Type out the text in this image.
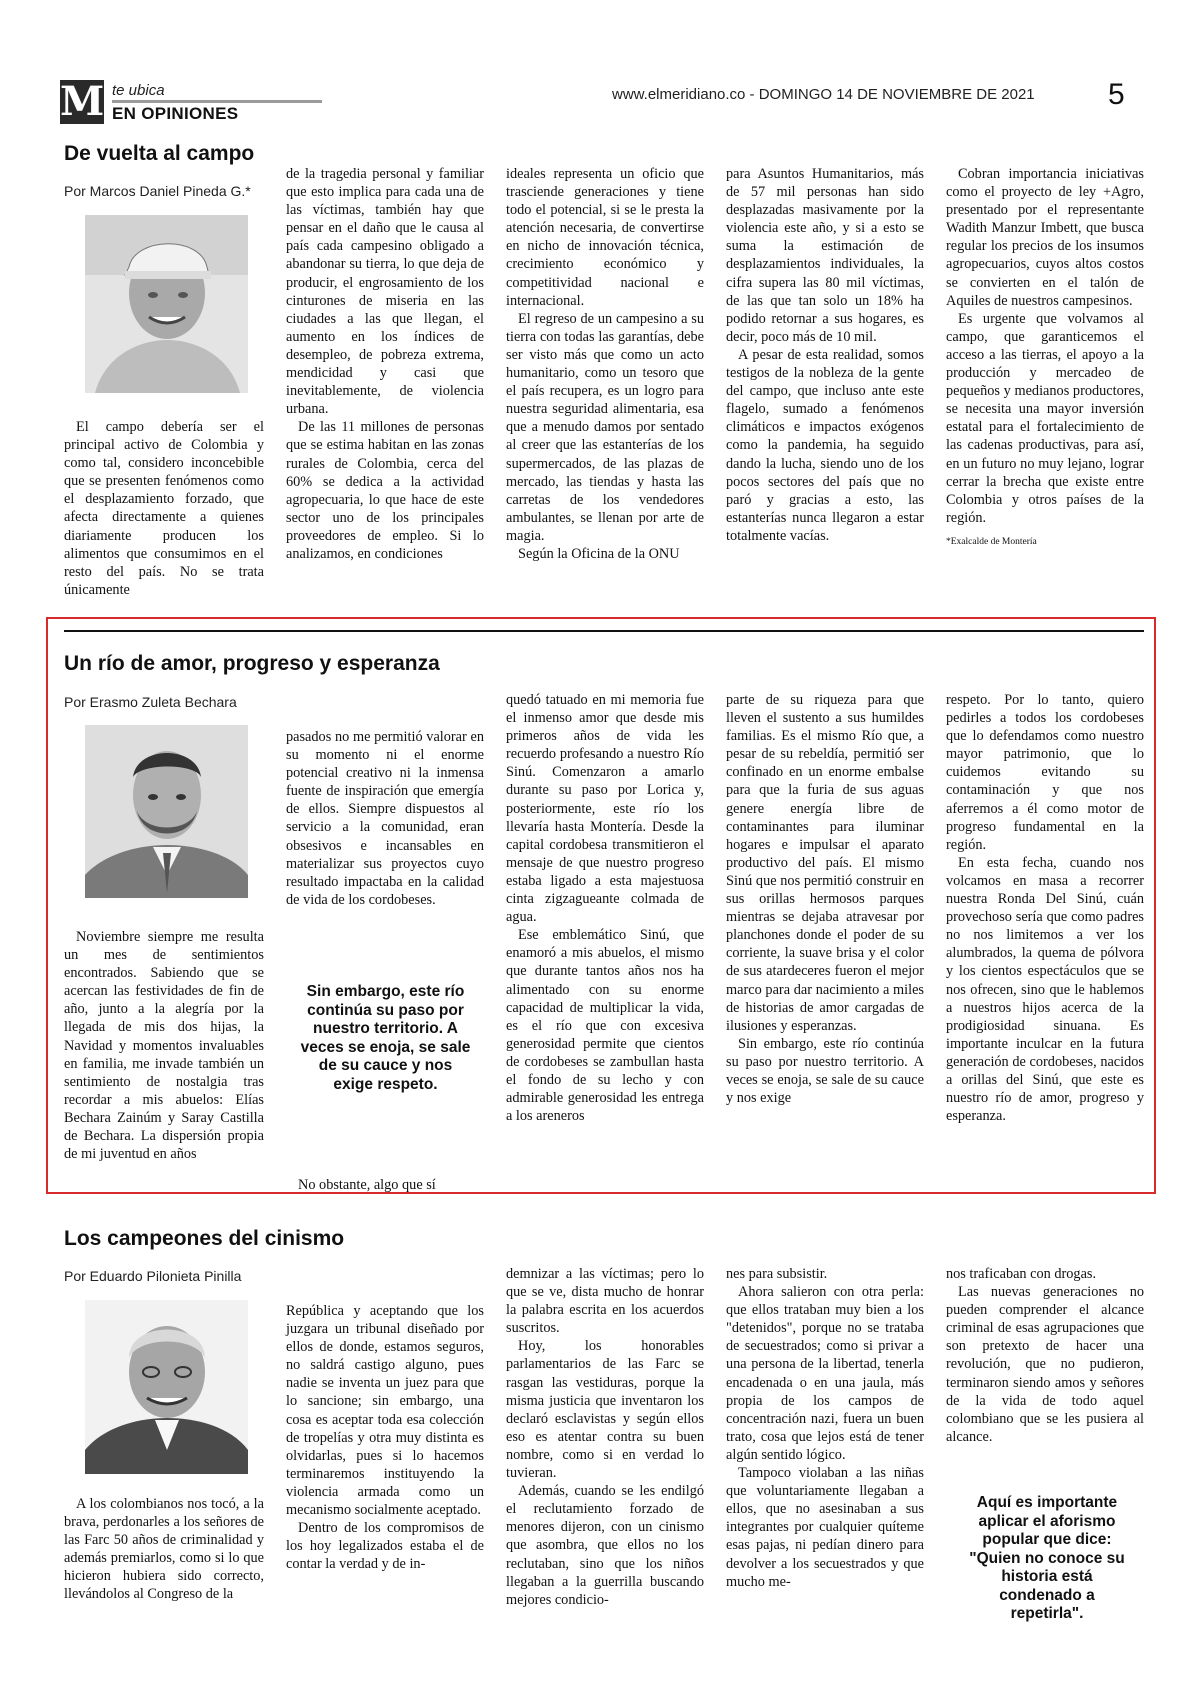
M te ubica
EN OPINIONES
www.elmeridiano.co - DOMINGO 14 DE NOVIEMBRE DE 2021 5
De vuelta al campo
Por Marcos Daniel Pineda G.*

El campo debería ser el principal activo de Colombia y como tal, considero inconcebible que se presenten fenómenos como el desplazamiento forzado, que afecta directamente a quienes diariamente producen los alimentos que consumimos en el resto del país. No se trata únicamente

de la tragedia personal y familiar que esto implica para cada una de las víctimas, también hay que pensar en el daño que le causa al país cada campesino obligado a abandonar su tierra, lo que deja de producir, el engrosamiento de los cinturones de miseria en las ciudades a las que llegan, el aumento en los índices de desempleo, de pobreza extrema, mendicidad y casi que inevitablemente, de violencia urbana.

De las 11 millones de personas que se estima habitan en las zonas rurales de Colombia, cerca del 60% se dedica a la actividad agropecuaria, lo que hace de este sector uno de los principales proveedores de empleo. Si lo analizamos, en condiciones

ideales representa un oficio que trasciende generaciones y tiene todo el potencial, si se le presta la atención necesaria, de convertirse en nicho de innovación técnica, crecimiento económico y competitividad nacional e internacional.

El regreso de un campesino a su tierra con todas las garantías, debe ser visto más que como un acto humanitario, como un tesoro que el país recupera, es un logro para nuestra seguridad alimentaria, esa que a menudo damos por sentado al creer que las estanterías de los supermercados, de las plazas de mercado, las tiendas y hasta las carretas de los vendedores ambulantes, se llenan por arte de magia.

Según la Oficina de la ONU

para Asuntos Humanitarios, más de 57 mil personas han sido desplazadas masivamente por la violencia este año, y si a esto se suma la estimación de desplazamientos individuales, la cifra supera las 80 mil víctimas, de las que tan solo un 18% ha podido retornar a sus hogares, es decir, poco más de 10 mil.

A pesar de esta realidad, somos testigos de la nobleza de la gente del campo, que incluso ante este flagelo, sumado a fenómenos climáticos e impactos exógenos como la pandemia, ha seguido dando la lucha, siendo uno de los pocos sectores del país que no paró y gracias a esto, las estanterías nunca llegaron a estar totalmente vacías.

Cobran importancia iniciativas como el proyecto de ley +Agro, presentado por el representante Wadith Manzur Imbett, que busca regular los precios de los insumos agropecuarios, cuyos altos costos se convierten en el talón de Aquiles de nuestros campesinos.

Es urgente que volvamos al campo, que garanticemos el acceso a las tierras, el apoyo a la producción y mercadeo de pequeños y medianos productores, se necesita una mayor inversión estatal para el fortalecimiento de las cadenas productivas, para así, en un futuro no muy lejano, lograr cerrar la brecha que existe entre Colombia y otros países de la región.

*Exalcalde de Montería

Un río de amor, progreso y esperanza
Por Erasmo Zuleta Bechara

Noviembre siempre me resulta un mes de sentimientos encontrados. Sabiendo que se acercan las festividades de fin de año, junto a la alegría por la llegada de mis dos hijas, la Navidad y momentos invaluables en familia, me invade también un sentimiento de nostalgia tras recordar a mis abuelos: Elías Bechara Zainúm y Saray Castilla de Bechara. La dispersión propia de mi juventud en años

pasados no me permitió valorar en su momento ni el enorme potencial creativo ni la inmensa fuente de inspiración que emergía de ellos. Siempre dispuestos al servicio a la comunidad, eran obsesivos e incansables en materializar sus proyectos cuyo resultado impactaba en la calidad de vida de los cordobeses.

Sin embargo, este río continúa su paso por nuestro territorio. A veces se enoja, se sale de su cauce y nos exige respeto.

No obstante, algo que sí

quedó tatuado en mi memoria fue el inmenso amor que desde mis primeros años de vida les recuerdo profesando a nuestro Río Sinú. Comenzaron a amarlo durante su paso por Lorica y, posteriormente, este río los llevaría hasta Montería. Desde la capital cordobesa transmitieron el mensaje de que nuestro progreso estaba ligado a esta majestuosa cinta zigzagueante colmada de agua.

Ese emblemático Sinú, que enamoró a mis abuelos, el mismo que durante tantos años nos ha alimentado con su enorme capacidad de multiplicar la vida, es el río que con excesiva generosidad permite que cientos de cordobeses se zambullan hasta el fondo de su lecho y con admirable generosidad les entrega a los areneros

parte de su riqueza para que lleven el sustento a sus humildes familias. Es el mismo Río que, a pesar de su rebeldía, permitió ser confinado en un enorme embalse para que la furia de sus aguas genere energía libre de contaminantes para iluminar hogares e impulsar el aparato productivo del país. El mismo Sinú que nos permitió construir en sus orillas hermosos parques mientras se dejaba atravesar por planchones donde el poder de su corriente, la suave brisa y el color de sus atardeceres fueron el mejor marco para dar nacimiento a miles de historias de amor cargadas de ilusiones y esperanzas.

Sin embargo, este río continúa su paso por nuestro territorio. A veces se enoja, se sale de su cauce y nos exige

respeto. Por lo tanto, quiero pedirles a todos los cordobeses que lo defendamos como nuestro mayor patrimonio, que lo cuidemos evitando su contaminación y que nos aferremos a él como motor de progreso fundamental en la región.

En esta fecha, cuando nos volcamos en masa a recorrer nuestra Ronda Del Sinú, cuán provechoso sería que como padres no nos limitemos a ver los alumbrados, la quema de pólvora y los cientos espectáculos que se nos ofrecen, sino que le hablemos a nuestros hijos acerca de la prodigiosidad sinuana. Es importante inculcar en la futura generación de cordobeses, nacidos a orillas del Sinú, que este es nuestro río de amor, progreso y esperanza.

Los campeones del cinismo
Por Eduardo Pilonieta Pinilla

A los colombianos nos tocó, a la brava, perdonarles a los señores de las Farc 50 años de criminalidad y además premiarlos, como si lo que hicieron hubiera sido correcto, llevándolos al Congreso de la

República y aceptando que los juzgara un tribunal diseñado por ellos de donde, estamos seguros, no saldrá castigo alguno, pues nadie se inventa un juez para que lo sancione; sin embargo, una cosa es aceptar toda esa colección de tropelías y otra muy distinta es olvidarlas, pues si lo hacemos terminaremos instituyendo la violencia armada como un mecanismo socialmente aceptado.

Dentro de los compromisos de los hoy legalizados estaba el de contar la verdad y de in-

demnizar a las víctimas; pero lo que se ve, dista mucho de honrar la palabra escrita en los acuerdos suscritos.

Hoy, los honorables parlamentarios de las Farc se rasgan las vestiduras, porque la misma justicia que inventaron los declaró esclavistas y según ellos eso es atentar contra su buen nombre, como si en verdad lo tuvieran.

Además, cuando se les endilgó el reclutamiento forzado de menores dijeron, con un cinismo que asombra, que ellos no los reclutaban, sino que los niños llegaban a la guerrilla buscando mejores condicio-

nes para subsistir.

Ahora salieron con otra perla: que ellos trataban muy bien a los "detenidos", porque no se trataba de secuestrados; como si privar a una persona de la libertad, tenerla encadenada o en una jaula, más propia de los campos de concentración nazi, fuera un buen trato, cosa que lejos está de tener algún sentido lógico.

Tampoco violaban a las niñas que voluntariamente llegaban a ellos, que no asesinaban a sus integrantes por cualquier quíteme esas pajas, ni pedían dinero para devolver a los secuestrados y que mucho me-

nos traficaban con drogas.

Las nuevas generaciones no pueden comprender el alcance criminal de esas agrupaciones que son pretexto de hacer una revolución, que no pudieron, terminaron siendo amos y señores de la vida de todo aquel colombiano que se les pusiera al alcance.

Aquí es importante aplicar el aforismo popular que dice: "Quien no conoce su historia está condenado a repetirla".
